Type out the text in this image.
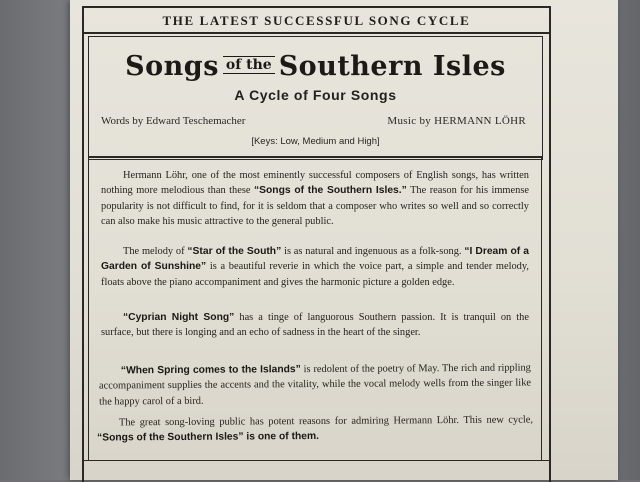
THE LATEST SUCCESSFUL SONG CYCLE
Songs of the Southern Isles
A Cycle of Four Songs
Words by Edward Teschemacher	Music by HERMANN LÖHR
[Keys: Low, Medium and High]

Hermann Löhr, one of the most eminently successful composers of English songs, has written nothing more melodious than these “Songs of the Southern Isles.” The reason for his immense popularity is not difficult to find, for it is seldom that a composer who writes so well and so correctly can also make his music attractive to the general public.

The melody of “Star of the South” is as natural and ingenuous as a folk-song. “I Dream of a Garden of Sunshine” is a beautiful reverie in which the voice part, a simple and tender melody, floats above the piano accompaniment and gives the harmonic picture a golden edge.

“Cyprian Night Song” has a tinge of languorous Southern passion. It is tranquil on the surface, but there is longing and an echo of sadness in the heart of the singer.

“When Spring comes to the Islands” is redolent of the poetry of May. The rich and rippling accompaniment supplies the accents and the vitality, while the vocal melody wells from the singer like the happy carol of a bird.

The great song-loving public has potent reasons for admiring Hermann Löhr. This new cycle, “Songs of the Southern Isles” is one of them.
